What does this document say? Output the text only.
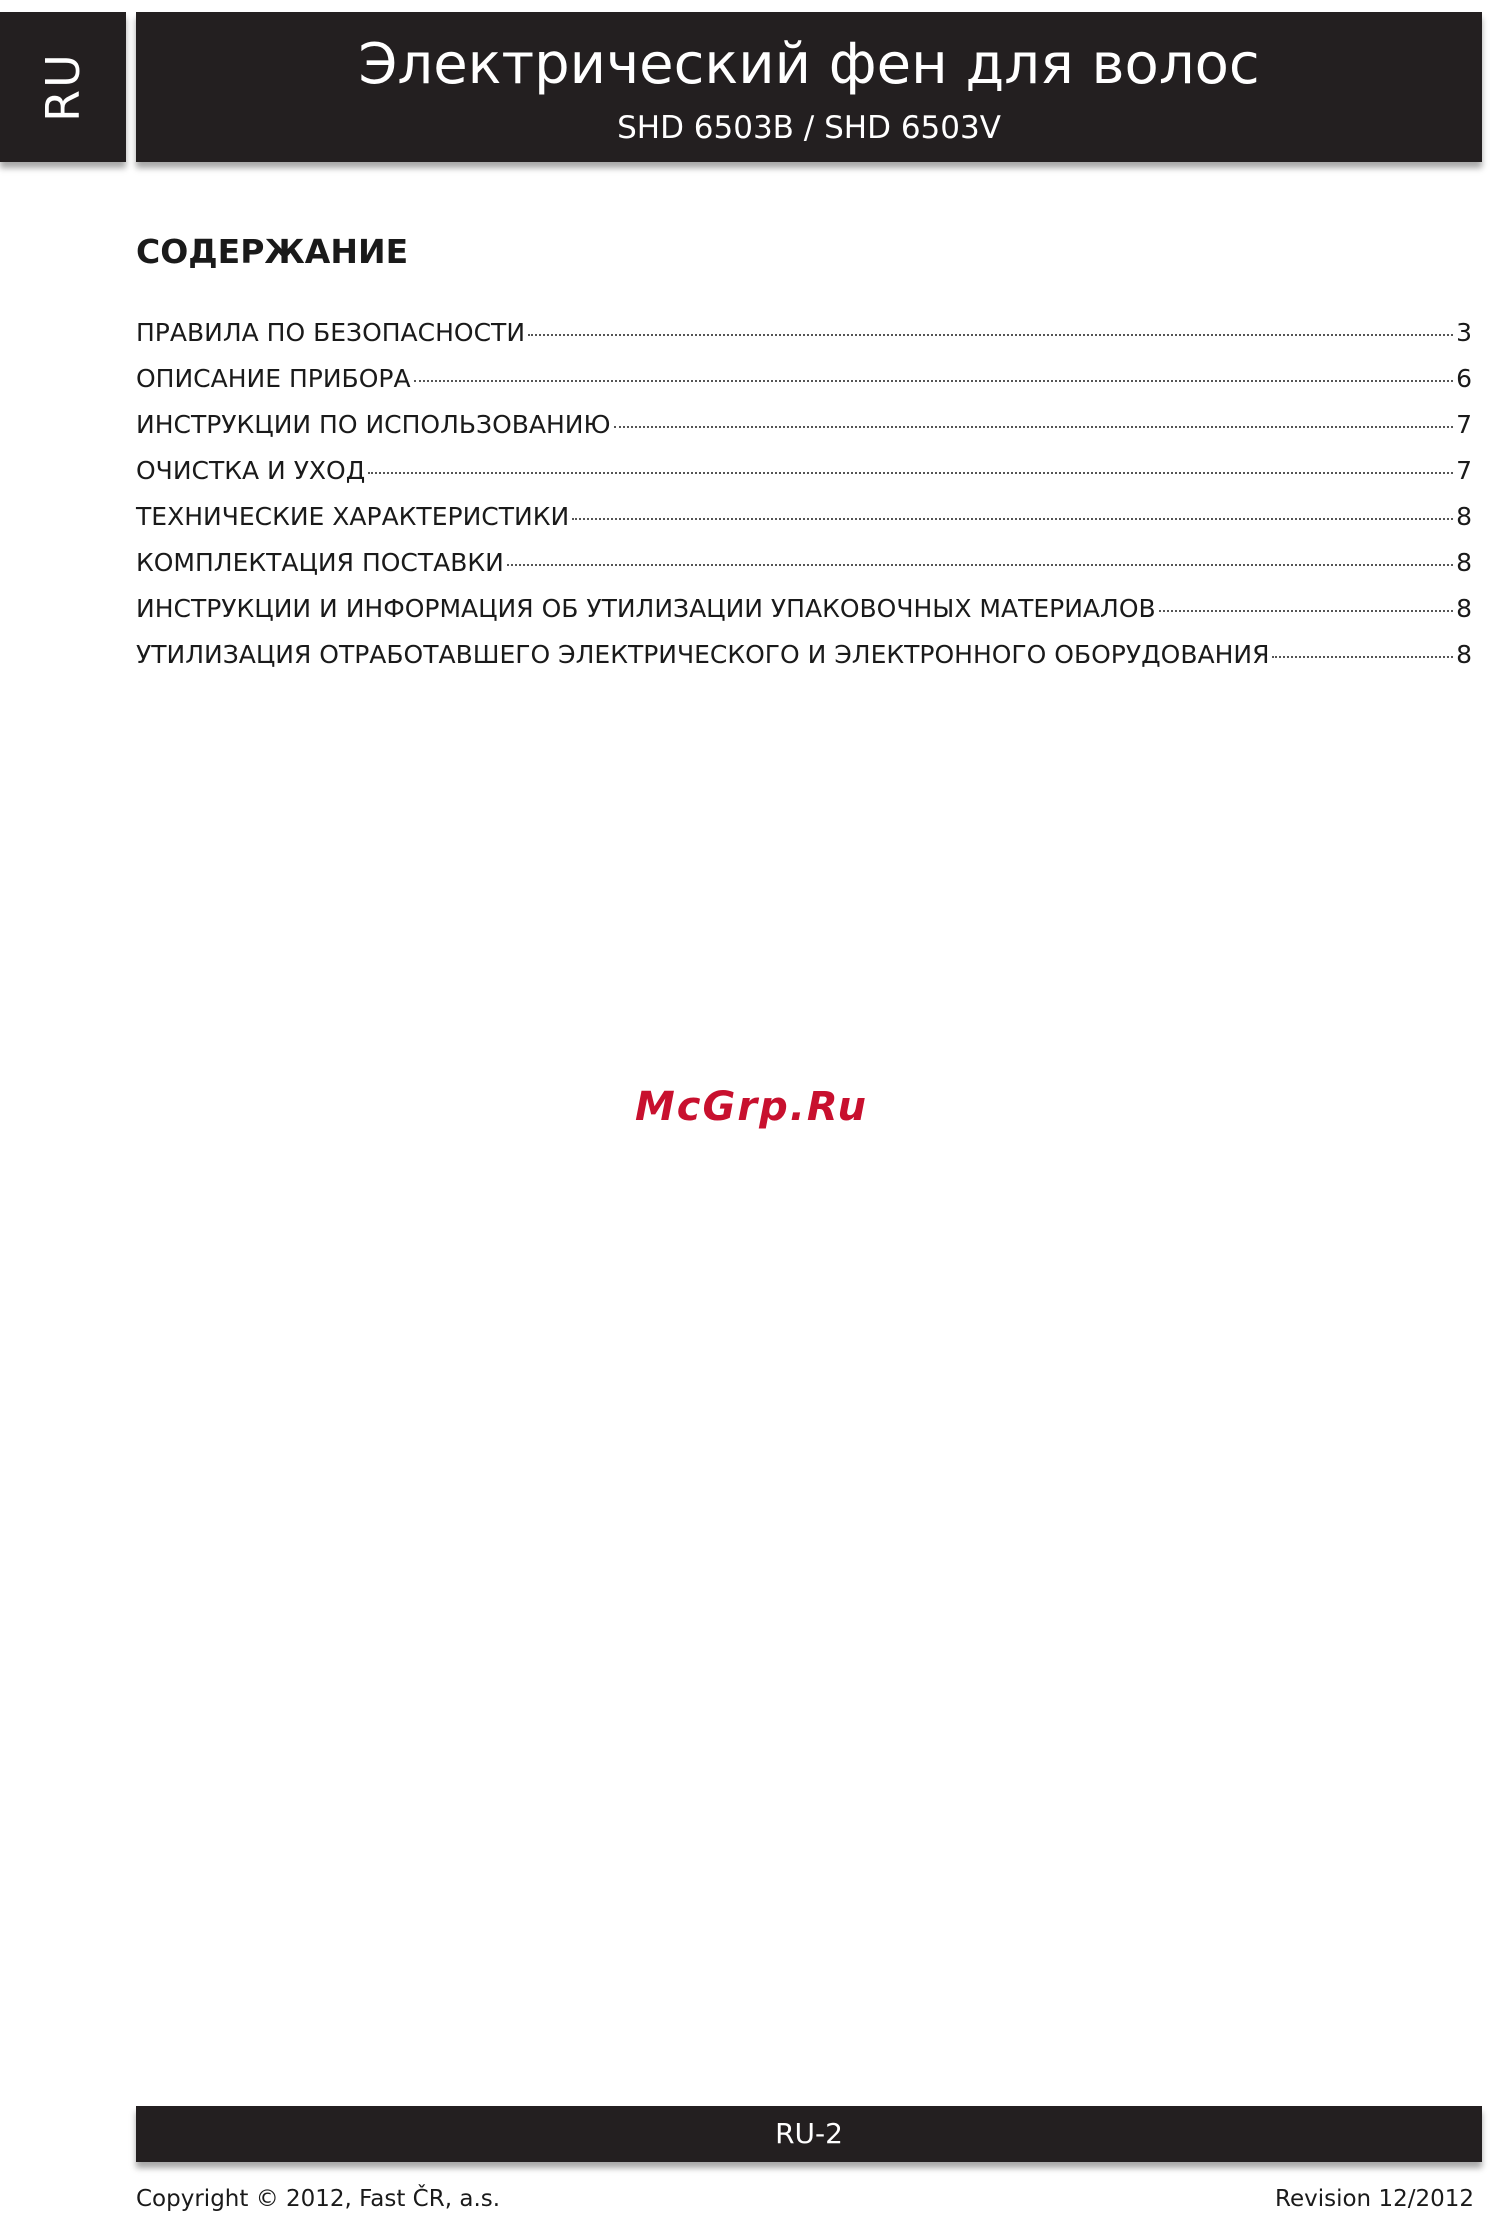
RU	Электрический фен для волос
SHD 6503B / SHD 6503V
СОДЕРЖАНИЕ
ПРАВИЛА ПО БЕЗОПАСНОСТИ	3
ОПИСАНИЕ ПРИБОРА	6
ИНСТРУКЦИИ ПО ИСПОЛЬЗОВАНИЮ	7
ОЧИСТКА И УХОД	7
ТЕХНИЧЕСКИЕ ХАРАКТЕРИСТИКИ	8
КОМПЛЕКТАЦИЯ ПОСТАВКИ	8
ИНСТРУКЦИИ И ИНФОРМАЦИЯ ОБ УТИЛИЗАЦИИ УПАКОВОЧНЫХ МАТЕРИАЛОВ	8
УТИЛИЗАЦИЯ ОТРАБОТАВШЕГО ЭЛЕКТРИЧЕСКОГО И ЭЛЕКТРОННОГО ОБОРУДОВАНИЯ	8
McGrp.Ru
RU-2
Copyright © 2012, Fast ČR, a.s.	Revision 12/2012
